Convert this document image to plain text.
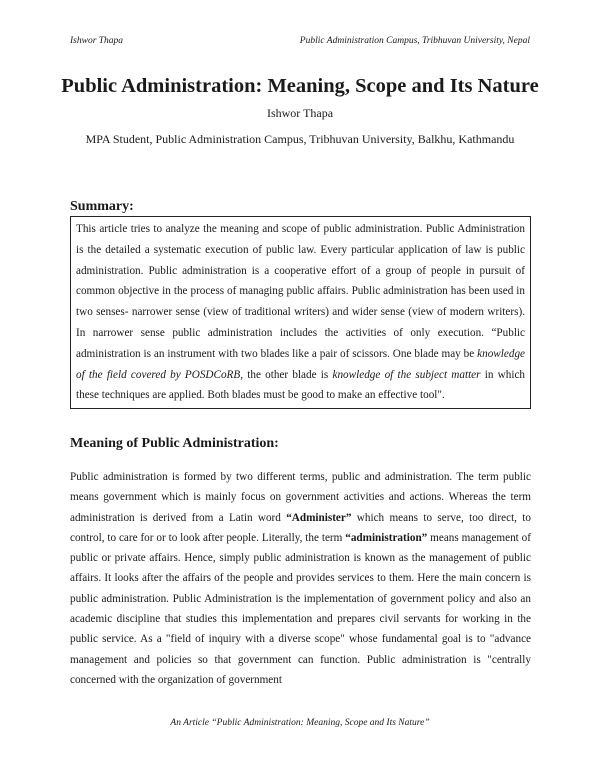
Ishwor Thapa	Public Administration Campus, Tribhuvan University, Nepal
Public Administration: Meaning, Scope and Its Nature
Ishwor Thapa
MPA Student, Public Administration Campus, Tribhuvan University, Balkhu, Kathmandu
Summary:

This article tries to analyze the meaning and scope of public administration. Public Administration is the detailed a systematic execution of public law. Every particular application of law is public administration. Public administration is a cooperative effort of a group of people in pursuit of common objective in the process of managing public affairs. Public administration has been used in two senses- narrower sense (view of traditional writers) and wider sense (view of modern writers). In narrower sense public administration includes the activities of only execution. “Public administration is an instrument with two blades like a pair of scissors. One blade may be knowledge of the field covered by POSDCoRB, the other blade is knowledge of the subject matter in which these techniques are applied. Both blades must be good to make an effective tool".

Meaning of Public Administration:

Public administration is formed by two different terms, public and administration. The term public means government which is mainly focus on government activities and actions. Whereas the term administration is derived from a Latin word “Administer” which means to serve, too direct, to control, to care for or to look after people. Literally, the term “administration” means management of public or private affairs. Hence, simply public administration is known as the management of public affairs. It looks after the affairs of the people and provides services to them. Here the main concern is public administration. Public Administration is the implementation of government policy and also an academic discipline that studies this implementation and prepares civil servants for working in the public service. As a "field of inquiry with a diverse scope" whose fundamental goal is to "advance management and policies so that government can function. Public administration is "centrally concerned with the organization of government

An Article “Public Administration: Meaning, Scope and Its Nature”
